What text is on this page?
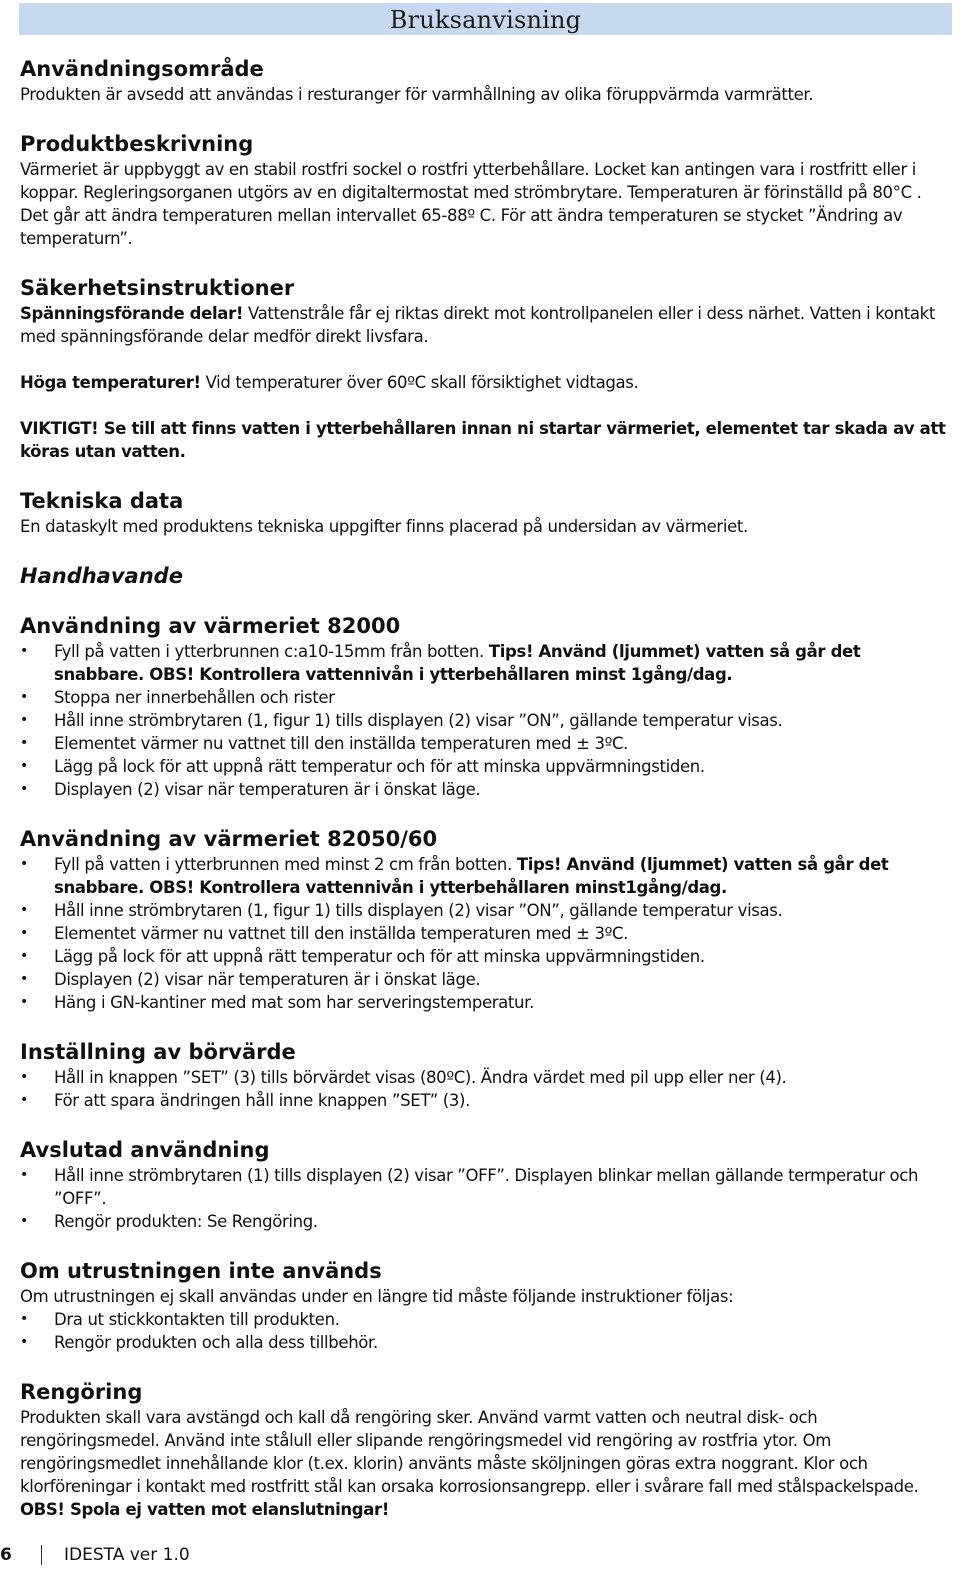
Bruksanvisning
Användningsområde

Produkten är avsedd att användas i resturanger för varmhållning av olika föruppvärmda varmrätter.

Produktbeskrivning

Värmeriet är uppbyggt av en stabil rostfri sockel o rostfri ytterbehållare. Locket kan antingen vara i rostfritt eller i koppar. Regleringsorganen utgörs av en digitaltermostat med strömbrytare. Temperaturen är förinställd på 80°C . Det går att ändra temperaturen mellan intervallet 65-88º C. För att ändra temperaturen se stycket ”Ändring av temperaturn”.

Säkerhetsinstruktioner

Spänningsförande delar! Vattenstråle får ej riktas direkt mot kontrollpanelen eller i dess närhet. Vatten i kontakt med spänningsförande delar medför direkt livsfara.

Höga temperaturer! Vid temperaturer över 60ºC skall försiktighet vidtagas.

VIKTIGT! Se till att finns vatten i ytterbehållaren innan ni startar värmeriet, elementet tar skada av att köras utan vatten.

Tekniska data

En dataskylt med produktens tekniska uppgifter finns placerad på undersidan av värmeriet.

Handhavande
Användning av värmeriet 82000
• Fyll på vatten i ytterbrunnen c:a10-15mm från botten. Tips! Använd (ljummet) vatten så går det snabbare. OBS! Kontrollera vattennivån i ytterbehållaren minst 1gång/dag.
• Stoppa ner innerbehållen och rister
• Håll inne strömbrytaren (1, figur 1) tills displayen (2) visar ”ON”, gällande temperatur visas.
• Elementet värmer nu vattnet till den inställda temperaturen med ± 3ºC.
• Lägg på lock för att uppnå rätt temperatur och för att minska uppvärmningstiden.
• Displayen (2) visar när temperaturen är i önskat läge.
Användning av värmeriet 82050/60
• Fyll på vatten i ytterbrunnen med minst 2 cm från botten. Tips! Använd (ljummet) vatten så går det snabbare. OBS! Kontrollera vattennivån i ytterbehållaren minst1gång/dag.
• Håll inne strömbrytaren (1, figur 1) tills displayen (2) visar ”ON”, gällande temperatur visas.
• Elementet värmer nu vattnet till den inställda temperaturen med ± 3ºC.
• Lägg på lock för att uppnå rätt temperatur och för att minska uppvärmningstiden.
• Displayen (2) visar när temperaturen är i önskat läge.
• Häng i GN-kantiner med mat som har serveringstemperatur.
Inställning av börvärde
• Håll in knappen ”SET” (3) tills börvärdet visas (80ºC). Ändra värdet med pil upp eller ner (4).
• För att spara ändringen håll inne knappen ”SET” (3).
Avslutad användning
• Håll inne strömbrytaren (1) tills displayen (2) visar ”OFF”. Displayen blinkar mellan gällande termperatur och ”OFF”.
• Rengör produkten: Se Rengöring.
Om utrustningen inte används

Om utrustningen ej skall användas under en längre tid måste följande instruktioner följas:

• Dra ut stickkontakten till produkten.
• Rengör produkten och alla dess tillbehör.
Rengöring

Produkten skall vara avstängd och kall då rengöring sker. Använd varmt vatten och neutral disk- och rengöringsmedel. Använd inte stålull eller slipande rengöringsmedel vid rengöring av rostfria ytor. Om rengöringsmedlet innehållande klor (t.ex. klorin) använts måste sköljningen göras extra noggrant. Klor och klorföreningar i kontakt med rostfritt stål kan orsaka korrosionsangrepp. eller i svårare fall med stålspackelspade.

OBS! Spola ej vatten mot elanslutningar!

6	IDESTA ver 1.0
